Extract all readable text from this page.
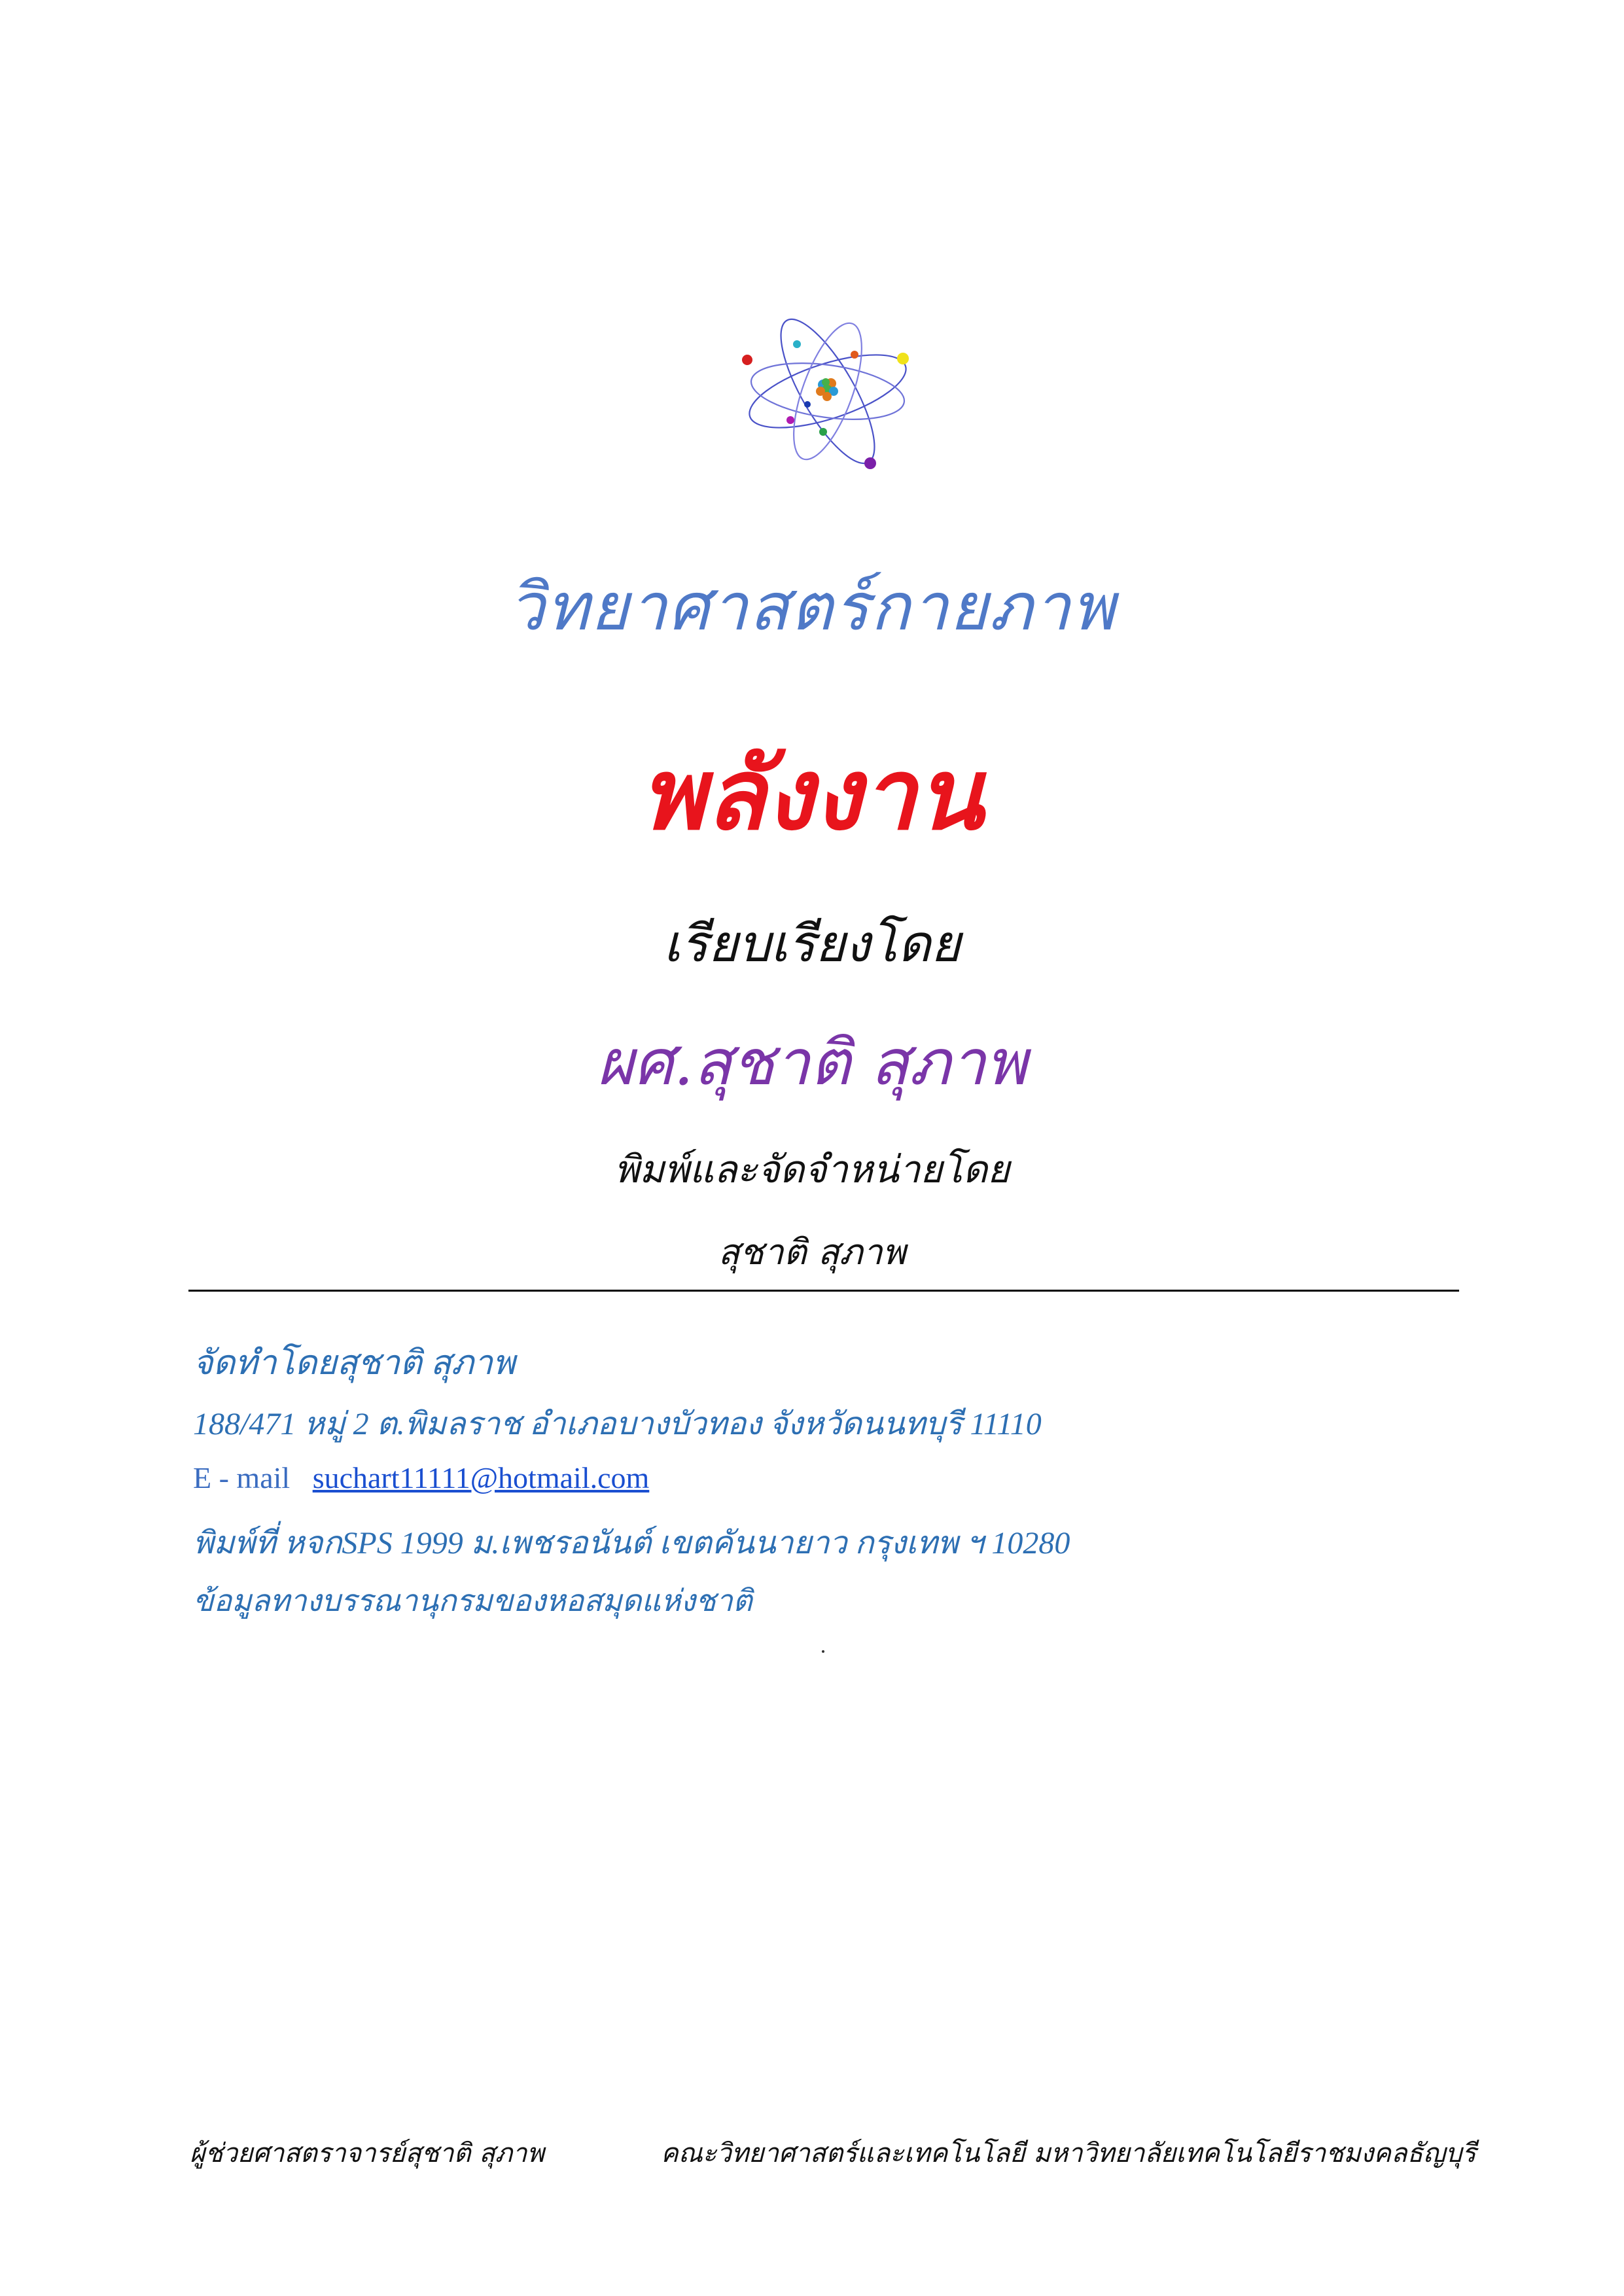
วิทยาศาสตร์กายภาพ
พลังงาน
เรียบเรียงโดย
ผศ.สุชาติ สุภาพ
พิมพ์และจัดจำหน่ายโดย
สุชาติ สุภาพ
จัดทำโดยสุชาติ สุภาพ
188/471 หมู่ 2 ต.พิมลราช อำเภอบางบัวทอง จังหวัดนนทบุรี 11110
E - mail suchart11111@hotmail.com
พิมพ์ที่ หจกSPS 1999 ม.เพชรอนันต์ เขตคันนายาว กรุงเทพ ฯ 10280
ข้อมูลทางบรรณานุกรมของหอสมุดแห่งชาติ
ผู้ช่วยศาสตราจารย์สุชาติ สุภาพ	คณะวิทยาศาสตร์และเทคโนโลยี มหาวิทยาลัยเทคโนโลยีราชมงคลธัญบุรี
